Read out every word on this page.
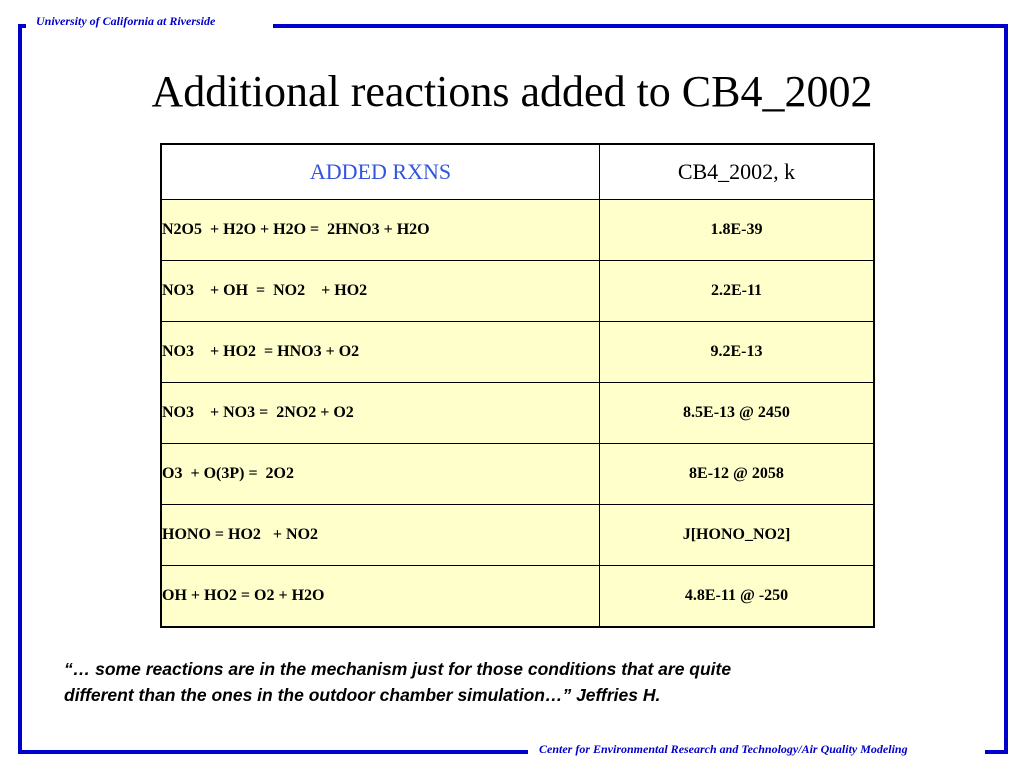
University of California at Riverside
Additional reactions added to CB4_2002
ADDED RXNS	CB4_2002, k
N2O5  + H2O + H2O =  2HNO3 + H2O	1.8E-39
NO3    + OH  =  NO2    + HO2	2.2E-11
NO3    + HO2  = HNO3 + O2	9.2E-13
NO3    + NO3 =  2NO2 + O2	8.5E-13 @ 2450
O3  + O(3P) =  2O2	8E-12 @ 2058
HONO = HO2   + NO2	J[HONO_NO2]
OH + HO2 = O2 + H2O	4.8E-11 @ -250
“… some reactions are in the mechanism just for those conditions that are quite
different than the ones in the outdoor chamber simulation…” Jeffries H.
Center for Environmental Research and Technology/Air Quality Modeling
